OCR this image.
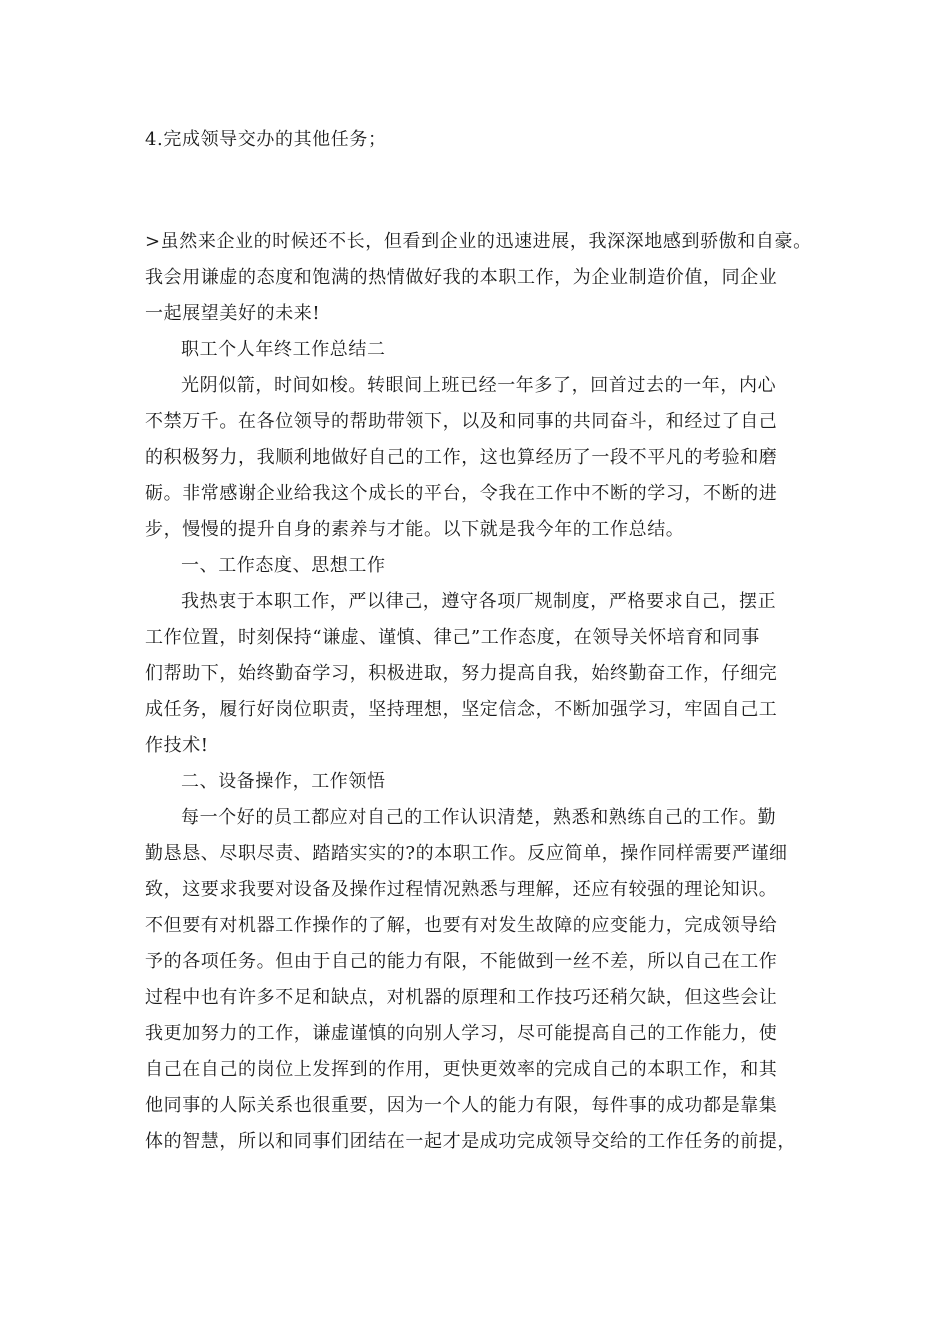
4.完成领导交办的其他任务；
>虽然来企业的时候还不长，但看到企业的迅速进展，我深深地感到骄傲和自豪。
我会用谦虚的态度和饱满的热情做好我的本职工作，为企业制造价值，同企业
一起展望美好的未来!
职工个人年终工作总结二
光阴似箭，时间如梭。转眼间上班已经一年多了，回首过去的一年，内心
不禁万千。在各位领导的帮助带领下，以及和同事的共同奋斗，和经过了自己
的积极努力，我顺利地做好自己的工作，这也算经历了一段不平凡的考验和磨
砺。非常感谢企业给我这个成长的平台，令我在工作中不断的学习，不断的进
步，慢慢的提升自身的素养与才能。以下就是我今年的工作总结。
一、工作态度、思想工作
我热衷于本职工作，严以律己，遵守各项厂规制度，严格要求自己，摆正
工作位置，时刻保持“谦虚、谨慎、律己”工作态度，在领导关怀培育和同事
们帮助下，始终勤奋学习，积极进取，努力提高自我，始终勤奋工作，仔细完
成任务，履行好岗位职责，坚持理想，坚定信念，不断加强学习，牢固自己工
作技术!
二、设备操作，工作领悟
每一个好的员工都应对自己的工作认识清楚，熟悉和熟练自己的工作。勤
勤恳恳、尽职尽责、踏踏实实的?的本职工作。反应简单，操作同样需要严谨细
致，这要求我要对设备及操作过程情况熟悉与理解，还应有较强的理论知识。
不但要有对机器工作操作的了解，也要有对发生故障的应变能力，完成领导给
予的各项任务。但由于自己的能力有限，不能做到一丝不差，所以自己在工作
过程中也有许多不足和缺点，对机器的原理和工作技巧还稍欠缺，但这些会让
我更加努力的工作，谦虚谨慎的向别人学习，尽可能提高自己的工作能力，使
自己在自己的岗位上发挥到的作用，更快更效率的完成自己的本职工作，和其
他同事的人际关系也很重要，因为一个人的能力有限，每件事的成功都是靠集
体的智慧，所以和同事们团结在一起才是成功完成领导交给的工作任务的前提，
